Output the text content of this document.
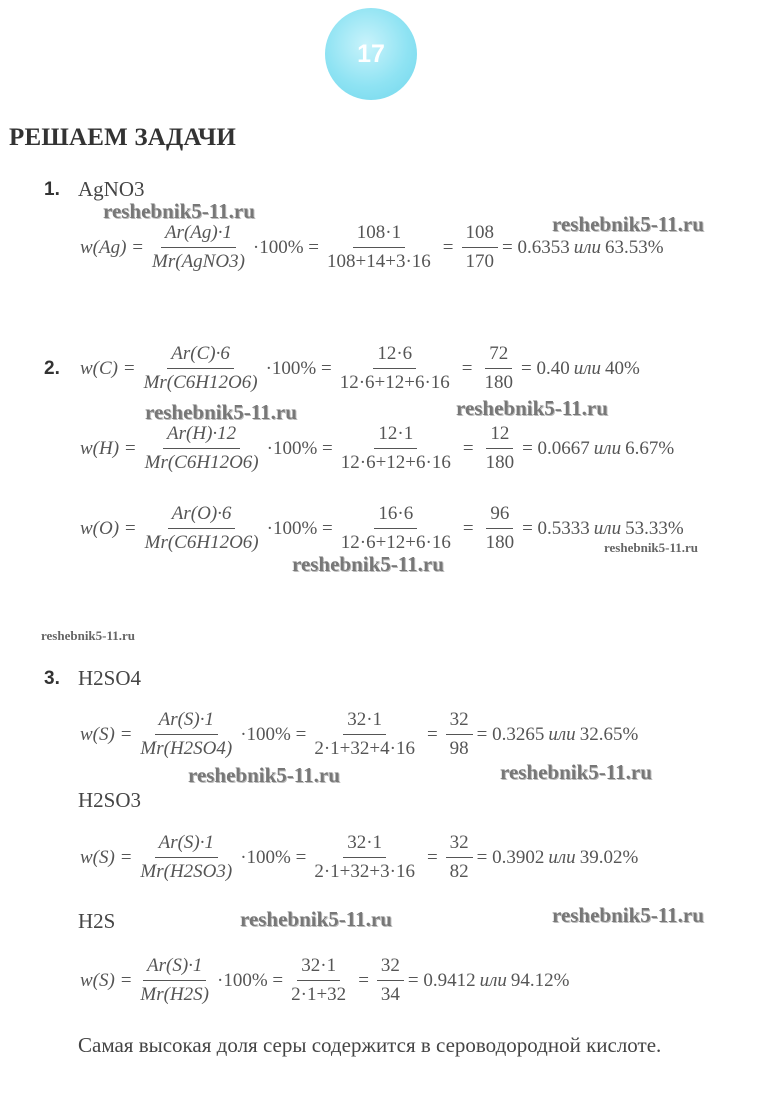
17
РЕШАЕМ ЗАДАЧИ
1. AgNO3
reshebnik5-11.ru
reshebnik5-11.ru
$w(Ag) = \frac{Ar(Ag)\cdot 1}{\text{Mr(AgNO3)}} \cdot 100\% = \frac{108\cdot 1}{108+14+3\cdot 16} = \frac{108}{170} = 0.6353$ или 63.53%
2. $w(C) = \frac{Ar(C)\cdot 6}{Mr(C6H12O6)} \cdot 100\% = \frac{12\cdot 6}{12\cdot 6+12+6\cdot 16} = \frac{72}{180} = 0.40$ или 40%
reshebnik5-11.ru	reshebnik5-11.ru
$w(H) = \frac{Ar(H)\cdot 12}{Mr(C6H12O6)} \cdot 100\% = \frac{12\cdot 1}{12\cdot 6+12+6\cdot 16} = \frac{12}{180} = 0.0667$ или 6.67%
$w(O) = \frac{Ar(O)\cdot 6}{Mr(C6H12O6)} \cdot 100\% = \frac{16\cdot 6}{12\cdot 6+12+6\cdot 16} = \frac{96}{180} = 0.5333$ или 53.33%
reshebnik5-11.ru
reshebnik5-11.ru
reshebnik5-11.ru
3. H2SO4
$w(S) = \frac{Ar(S)\cdot 1}{Mr(H2SO4)} \cdot 100\% = \frac{32\cdot 1}{2\cdot 1+32+4\cdot 16} = \frac{32}{98} = 0.3265$ или 32.65%
reshebnik5-11.ru	reshebnik5-11.ru
H2SO3
$w(S) = \frac{Ar(S)\cdot 1}{Mr(H2SO3)} \cdot 100\% = \frac{32\cdot 1}{2\cdot 1+32+3\cdot 16} = \frac{32}{82} = 0.3902$ или 39.02%
H2S	reshebnik5-11.ru	reshebnik5-11.ru
$w(S) = \frac{Ar(S)\cdot 1}{Mr(H2S)} \cdot 100\% = \frac{32\cdot 1}{2\cdot 1+32} = \frac{32}{34} = 0.9412$ или 94.12%
Самая высокая доля серы содержится в сероводородной кислоте.
